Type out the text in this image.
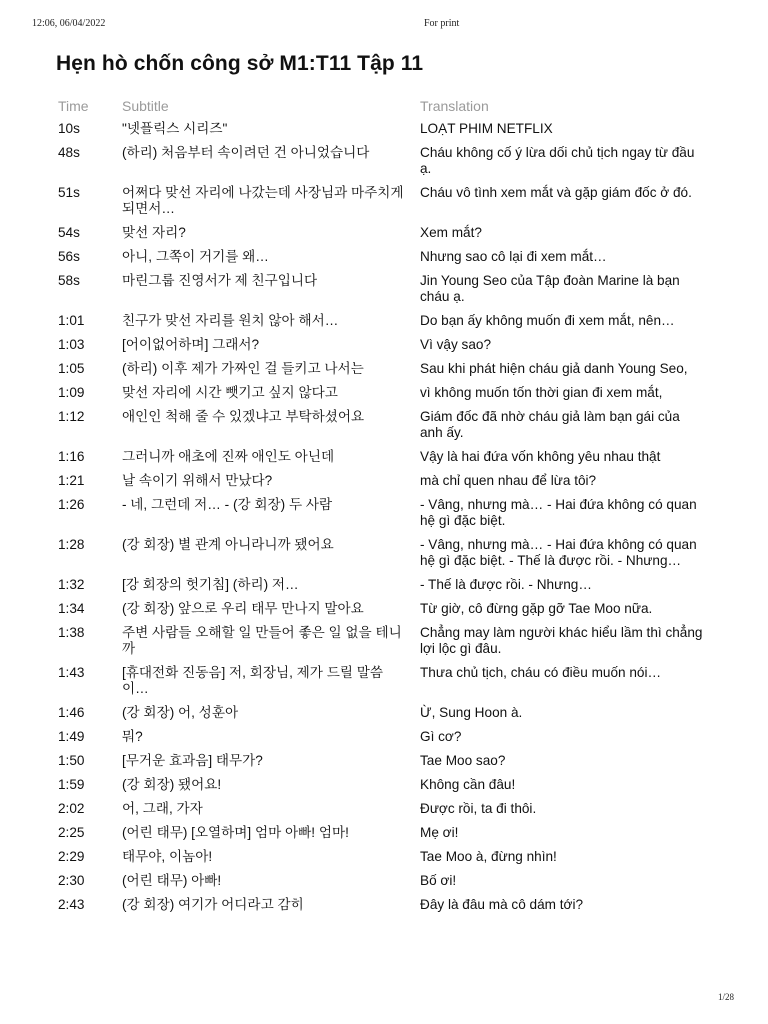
12:06, 06/04/2022	For print
Hẹn hò chốn công sở M1:T11 Tập 11
Time	Subtitle	Translation
10s	"넷플릭스 시리즈"	LOẠT PHIM NETFLIX
48s	(하리) 처음부터 속이려던 건 아니었습니다	Cháu không cố ý lừa dối chủ tịch ngay từ đầu ạ.
51s	어쩌다 맞선 자리에 나갔는데 사장님과 마주치게 되면서…	Cháu vô tình xem mắt và gặp giám đốc ở đó.
54s	맞선 자리?	Xem mắt?
56s	아니, 그쪽이 거기를 왜…	Nhưng sao cô lại đi xem mắt…
58s	마린그룹 진영서가 제 친구입니다	Jin Young Seo của Tập đoàn Marine là bạn cháu ạ.
1:01	친구가 맞선 자리를 원치 않아 해서…	Do bạn ấy không muốn đi xem mắt, nên…
1:03	[어이없어하며] 그래서?	Vì vậy sao?
1:05	(하리) 이후 제가 가짜인 걸 들키고 나서는	Sau khi phát hiện cháu giả danh Young Seo,
1:09	맞선 자리에 시간 뺏기고 싶지 않다고	vì không muốn tốn thời gian đi xem mắt,
1:12	애인인 척해 줄 수 있겠냐고 부탁하셨어요	Giám đốc đã nhờ cháu giả làm bạn gái của anh ấy.
1:16	그러니까 애초에 진짜 애인도 아닌데	Vậy là hai đứa vốn không yêu nhau thật
1:21	날 속이기 위해서 만났다?	mà chỉ quen nhau để lừa tôi?
1:26	- 네, 그런데 저… - (강 회장) 두 사람	- Vâng, nhưng mà… - Hai đứa không có quan hệ gì đặc biệt.
1:28	(강 회장) 별 관계 아니라니까 됐어요	- Vâng, nhưng mà… - Hai đứa không có quan hệ gì đặc biệt. - Thế là được rồi. - Nhưng…
1:32	[강 회장의 헛기침] (하리) 저…	- Thế là được rồi. - Nhưng…
1:34	(강 회장) 앞으로 우리 태무 만나지 말아요	Từ giờ, cô đừng gặp gỡ Tae Moo nữa.
1:38	주변 사람들 오해할 일 만들어 좋은 일 없을 테니까	Chẳng may làm người khác hiểu lầm thì chẳng lợi lộc gì đâu.
1:43	[휴대전화 진동음] 저, 회장님, 제가 드릴 말씀이…	Thưa chủ tịch, cháu có điều muốn nói…
1:46	(강 회장) 어, 성훈아	Ừ, Sung Hoon à.
1:49	뭐?	Gì cơ?
1:50	[무거운 효과음] 태무가?	Tae Moo sao?
1:59	(강 회장) 됐어요!	Không cần đâu!
2:02	어, 그래, 가자	Được rồi, ta đi thôi.
2:25	(어린 태무) [오열하며] 엄마 아빠! 엄마!	Mẹ ơi!
2:29	태무야, 이놈아!	Tae Moo à, đừng nhìn!
2:30	(어린 태무) 아빠!	Bố ơi!
2:43	(강 회장) 여기가 어디라고 감히	Đây là đâu mà cô dám tới?
1/28
